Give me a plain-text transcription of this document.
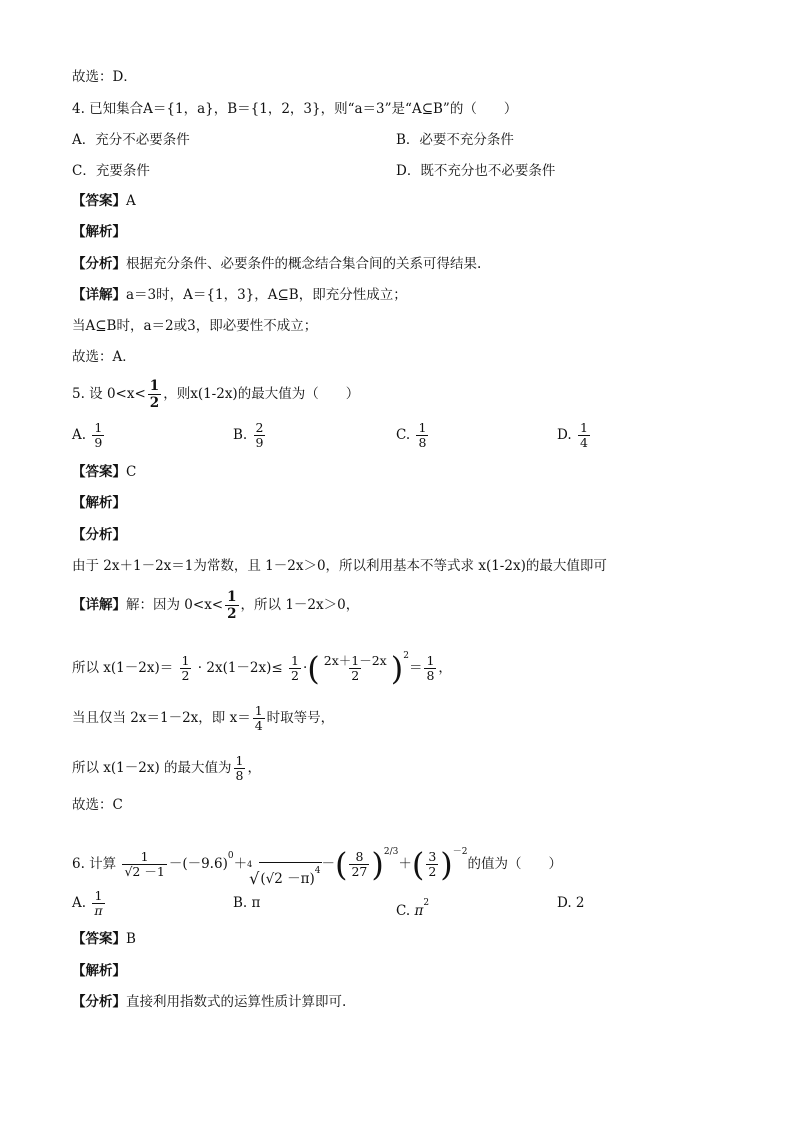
故选：D．
4. 已知集合A＝{1，a}，B＝{1，2，3}，则“a＝3”是“A⊆B”的（　　）
A．充分不必要条件	B．必要不充分条件
C．充要条件	D．既不充分也不必要条件
【答案】A
【解析】
【分析】根据充分条件、必要条件的概念结合集合间的关系可得结果.
【详解】a＝3时，A＝{1，3}，A⊆B，即充分性成立；
当A⊆B时，a＝2或3，即必要性不成立；
故选：A．
5. 设 $0<x< \frac{1}{2}$ ，则x(1-2x)的最大值为（　　）
A. $\frac{1}{9}$	B. $\frac{2}{9}$	C. $\frac{1}{8}$	D. $\frac{1}{4}$
【答案】C
【解析】
【分析】
由于 2x＋1－2x＝1为常数，且 1－2x＞0，所以利用基本不等式求 x(1-2x)的最大值即可
【详解】解：因为 $0<x< \frac{1}{2}$ ，所以 1－2x＞0，
所以 $x(1-2x)= \frac{1}{2} \cdot 2x(1-2x)\le \frac{1}{2}$ ·( $\frac{2x+1-2x}{2} )^2= \frac{1}{8}$ ，
当且仅当 2x＝1－2x，即 $x= \frac{1}{4}$ 时取等号，
所以 x(1－2x) 的最大值为 $\frac{1}{8}$ ，
故选：C
6. 计算 $\frac{1}{√2 -1} -(-9.6)^0+ 4$
√ $(√2 -\pi)^4$ －( $\frac{8}{27} )^{2/3}+( \frac{3}{2} )^{-2}$的值为（　　）
A. $\frac{1}{\pi}$	B. π	C. $\pi^2$	D. 2
【答案】B
【解析】
【分析】直接利用指数式的运算性质计算即可.
